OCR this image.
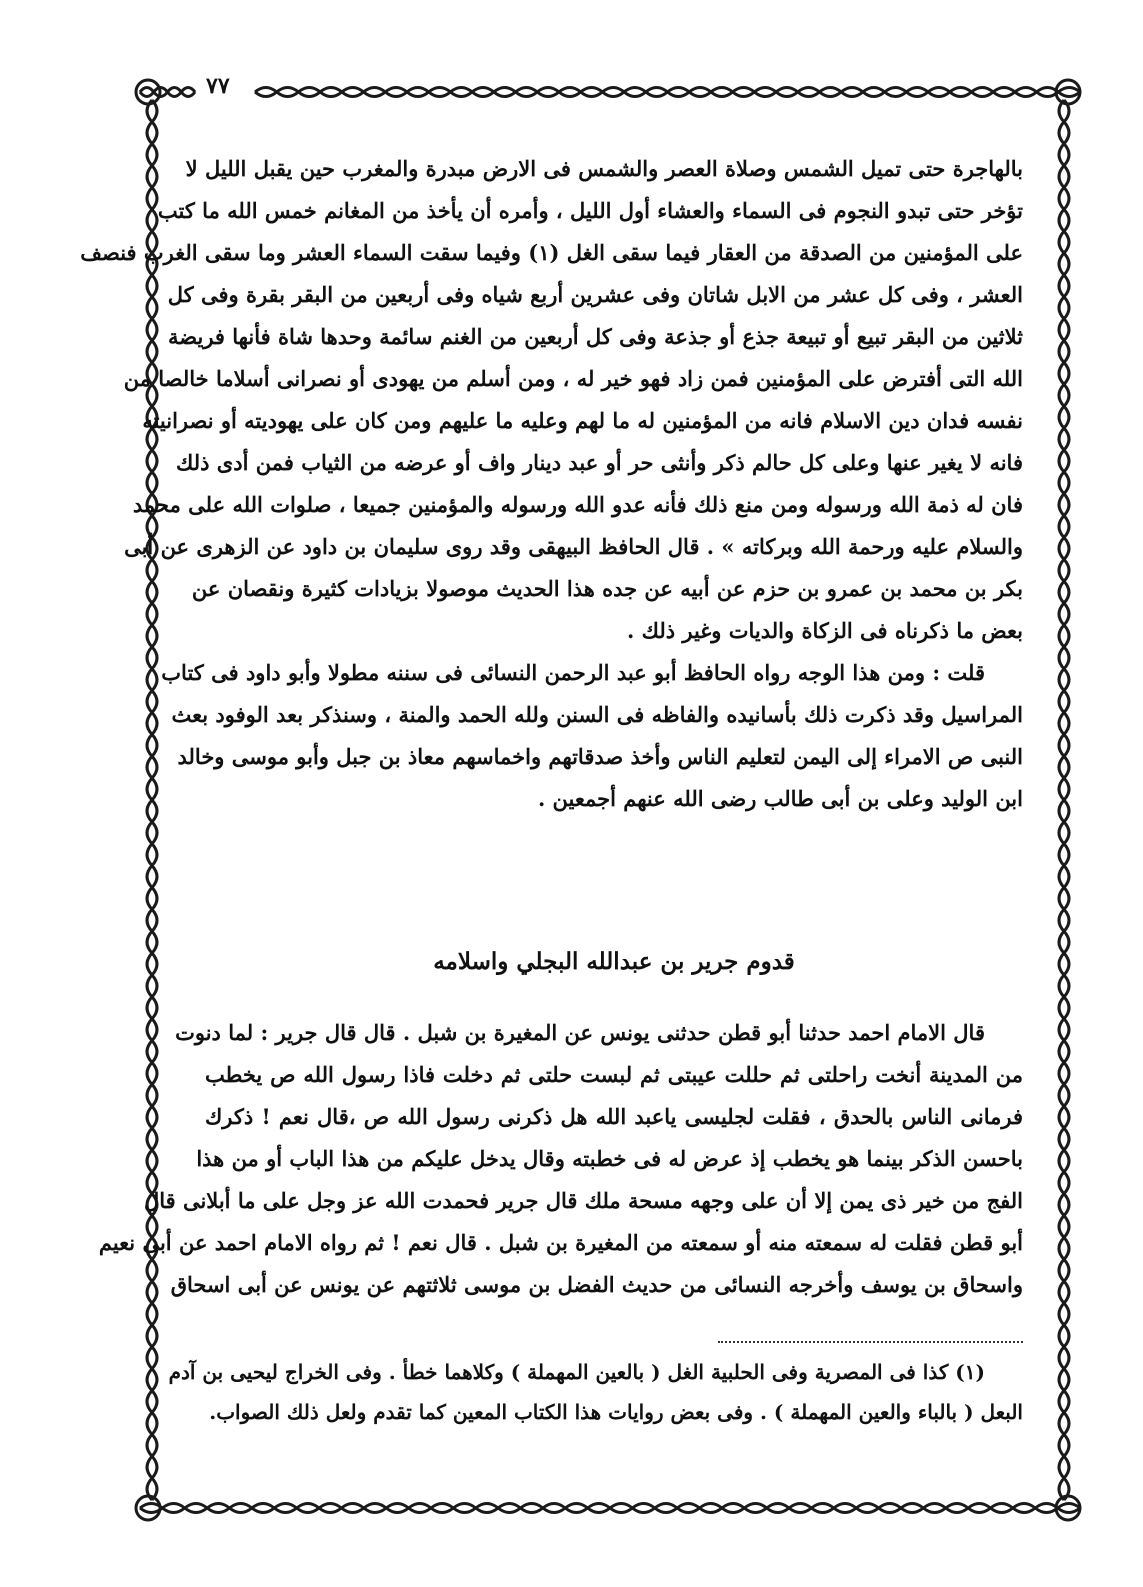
٧٧
بالهاجرة حتى تميل الشمس وصلاة العصر والشمس فى الارض مبدرة والمغرب حين يقبل الليل لا
تؤخر حتى تبدو النجوم فى السماء والعشاء أول الليل ، وأمره أن يأخذ من المغانم خمس الله ما كتب
على المؤمنين من الصدقة من العقار فيما سقى الغل (١) وفيما سقت السماء العشر وما سقى الغرب فنصف
العشر ، وفى كل عشر من الابل شاتان وفى عشرين أربع شياه وفى أربعين من البقر بقرة وفى كل
ثلاثين من البقر تبيع أو تبيعة جذع أو جذعة وفى كل أربعين من الغنم سائمة وحدها شاة فأنها فريضة
الله التى أفترض على المؤمنين فمن زاد فهو خير له ، ومن أسلم من يهودى أو نصرانى أسلاما خالصا من
نفسه فدان دين الاسلام فانه من المؤمنين له ما لهم وعليه ما عليهم ومن كان على يهوديته أو نصرانيته
فانه لا يغير عنها وعلى كل حالم ذكر وأنثى حر أو عبد دينار واف أو عرضه من الثياب فمن أدى ذلك
فان له ذمة الله ورسوله ومن منع ذلك فأنه عدو الله ورسوله والمؤمنين جميعا ، صلوات الله على محمد
والسلام عليه ورحمة الله وبركاته » . قال الحافظ البيهقى وقد روى سليمان بن داود عن الزهرى عن أبى
بكر بن محمد بن عمرو بن حزم عن أبيه عن جده هذا الحديث موصولا بزيادات كثيرة ونقصان عن
بعض ما ذكرناه فى الزكاة والديات وغير ذلك .
قلت : ومن هذا الوجه رواه الحافظ أبو عبد الرحمن النسائى فى سننه مطولا وأبو داود فى كتاب
المراسيل وقد ذكرت ذلك بأسانيده والفاظه فى السنن ولله الحمد والمنة ، وسنذكر بعد الوفود بعث
النبى ص الامراء إلى اليمن لتعليم الناس وأخذ صدقاتهم واخماسهم معاذ بن جبل وأبو موسى وخالد
ابن الوليد وعلى بن أبى طالب رضى الله عنهم أجمعين .
قدوم جرير بن عبدالله البجلي واسلامه
قال الامام احمد حدثنا أبو قطن حدثنى يونس عن المغيرة بن شبل . قال قال جرير : لما دنوت
من المدينة أنخت راحلتى ثم حللت عيبتى ثم لبست حلتى ثم دخلت فاذا رسول الله ص يخطب
فرمانى الناس بالحدق ، فقلت لجليسى ياعبد الله هل ذكرنى رسول الله ص ،قال نعم ! ذكرك
باحسن الذكر بينما هو يخطب إذ عرض له فى خطبته وقال يدخل عليكم من هذا الباب أو من هذا
الفج من خير ذى يمن إلا أن على وجهه مسحة ملك قال جرير فحمدت الله عز وجل على ما أبلانى قال
أبو قطن فقلت له سمعته منه أو سمعته من المغيرة بن شبل . قال نعم ! ثم رواه الامام احمد عن أبى نعيم
واسحاق بن يوسف وأخرجه النسائى من حديث الفضل بن موسى ثلاثتهم عن يونس عن أبى اسحاق
(١) كذا فى المصرية وفى الحلبية الغل ( بالعين المهملة ) وكلاهما خطأ . وفى الخراج ليحيى بن آدم
البعل ( بالباء والعين المهملة ) . وفى بعض روايات هذا الكتاب المعين كما تقدم ولعل ذلك الصواب.
